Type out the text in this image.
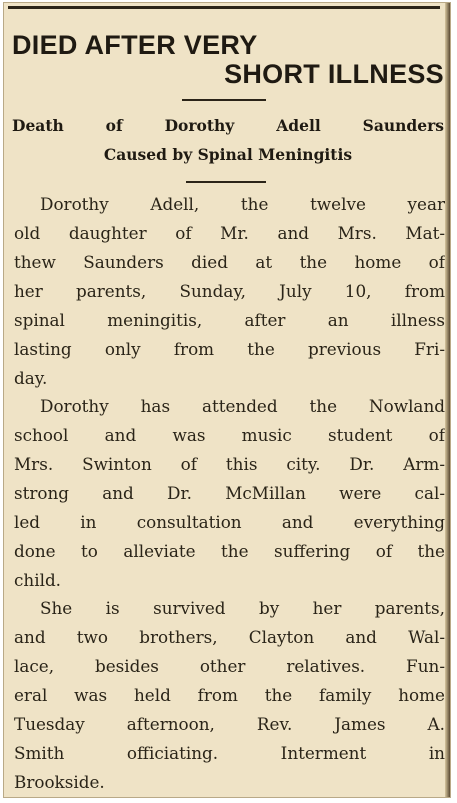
DIED AFTER VERY
SHORT ILLNESS
Death of Dorothy Adell Saunders
Caused by Spinal Meningitis
Dorothy Adell, the twelve year
old daughter of Mr. and Mrs. Mat-
thew Saunders died at the home of
her parents, Sunday, July 10, from
spinal meningitis, after an illness
lasting only from the previous Fri-
day.
Dorothy has attended the Nowland
school and was music student of
Mrs. Swinton of this city. Dr. Arm-
strong and Dr. McMillan were cal-
led in consultation and everything
done to alleviate the suffering of the
child.
She is survived by her parents,
and two brothers, Clayton and Wal-
lace, besides other relatives. Fun-
eral was held from the family home
Tuesday afternoon, Rev. James A.
Smith officiating. Interment in
Brookside.
